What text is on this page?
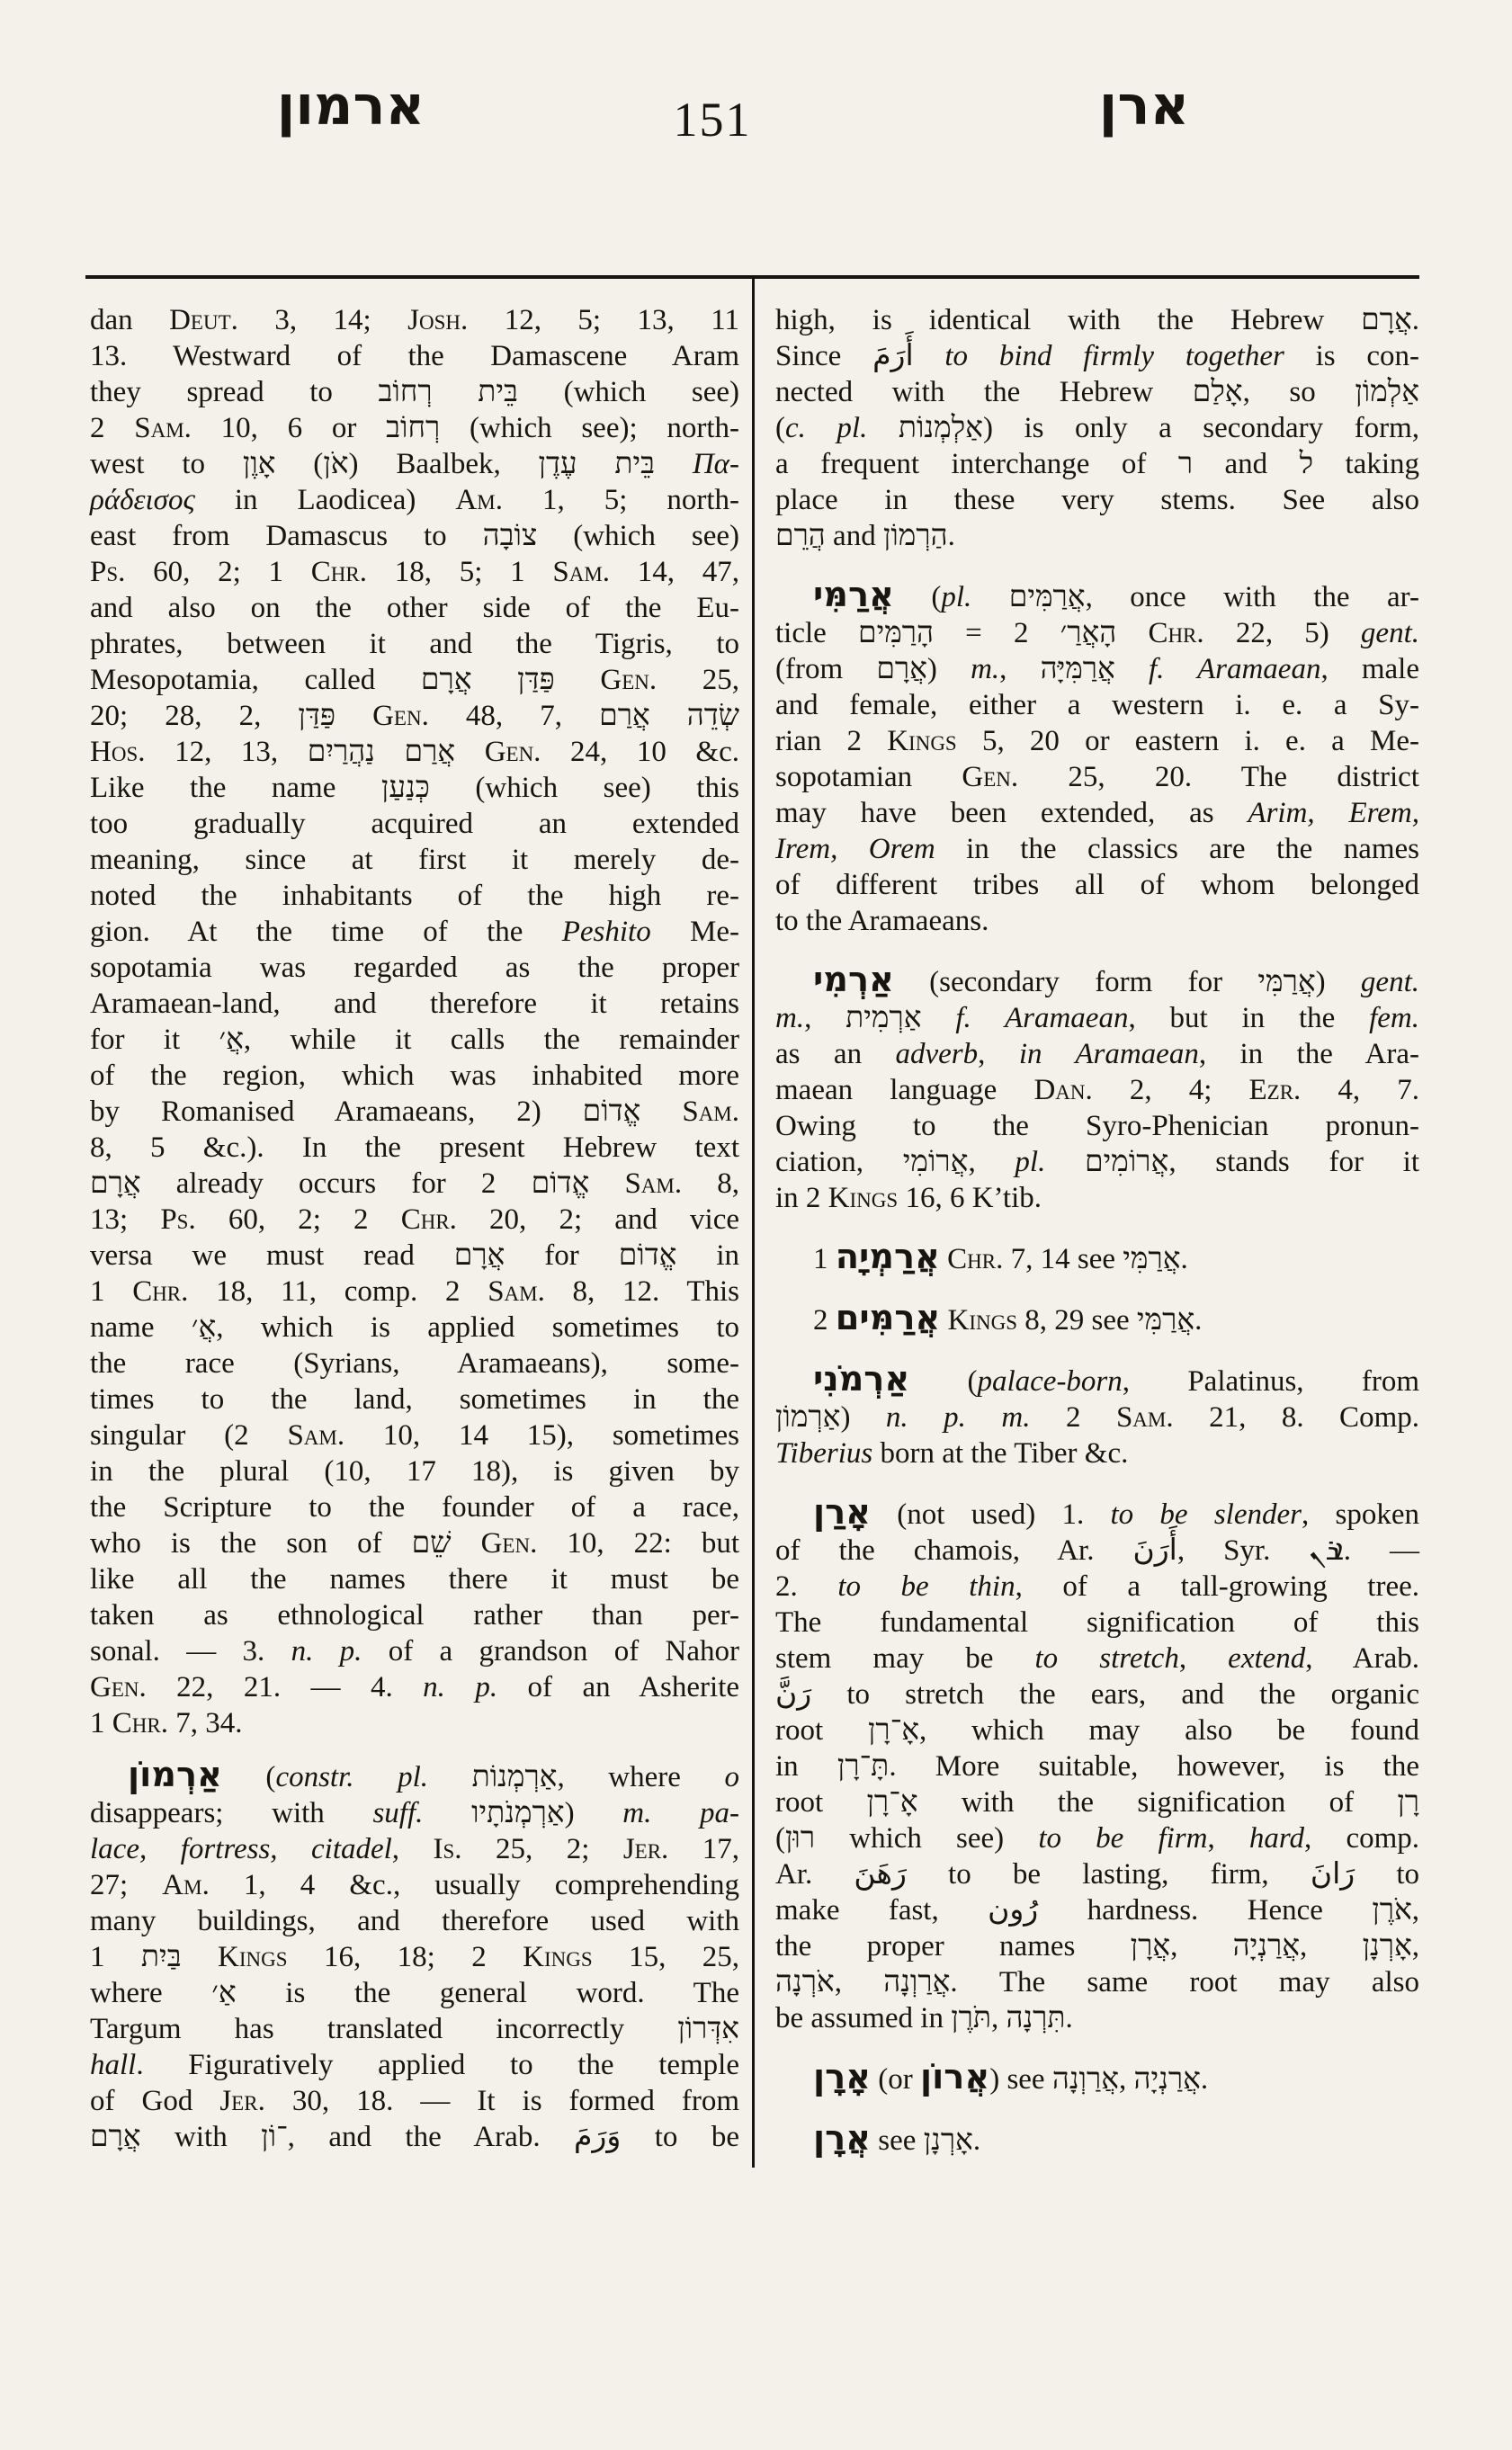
ארמון	151	ארן
dan Deut. 3, 14; Josh. 12, 5; 13, 11
13. Westward of the Damascene Aram
they spread to בֵּית רְחוֹב (which see)
2 Sam. 10, 6 or רְחוֹב (which see); north-
west to אָוֶן ‎(אֹן) Baalbek, בֵּית עֶדֶן Πα-
ράδεισος in Laodicea) Am. 1, 5; north-
east from Damascus to צוֹבָה (which see)
Ps. 60, 2; 1 Chr. 18, 5; 1 Sam. 14, 47,
and also on the other side of the Eu-
phrates, between it and the Tigris, to
Mesopotamia, called פַּדַּן אֲרָם Gen. 25,
20; 28, 2, פַּדַּן Gen. 48, 7, שְׂדֵה אֲרַם
Hos. 12, 13, אֲרַם נַהֲרַיִם Gen. 24, 10 &c.
Like the name כְּנַעַן (which see) this
too gradually acquired an extended
meaning, since at first it merely de-
noted the inhabitants of the high re-
gion. At the time of the Peshito Me-
sopotamia was regarded as the proper
Aramaean-land, and therefore it retains
for it אֲ׳, while it calls the remainder
of the region, which was inhabited more
by Romanised Aramaeans, אֱדוֹם (2 Sam.
8, 5 &c.). In the present Hebrew text
אֲרָם already occurs for אֱדוֹם 2 Sam. 8,
13; Ps. 60, 2; 2 Chr. 20, 2; and vice
versa we must read אֲרָם for אֱדוֹם in
1 Chr. 18, 11, comp. 2 Sam. 8, 12. This
name אֲ׳, which is applied sometimes to
the race (Syrians, Aramaeans), some-
times to the land, sometimes in the
singular (2 Sam. 10, 14 15), sometimes
in the plural (10, 17 18), is given by
the Scripture to the founder of a race,
who is the son of שֵׁם Gen. 10, 22: but
like all the names there it must be
taken as ethnological rather than per-
sonal. — 3. n. p. of a grandson of Nahor
Gen. 22, 21. — 4. n. p. of an Asherite
1 Chr. 7, 34.
אַרְמוֹן (constr. pl. אַרְמְנוֹת, where o
disappears; with suff. אַרְמְנֹתָיו) m. pa-
lace, fortress, citadel, Is. 25, 2; Jer. 17,
27; Am. 1, 4 &c., usually comprehending
many buildings, and therefore used with
בַּיִת 1 Kings 16, 18; 2 Kings 15, 25,
where אַ׳ is the general word. The
Targum has translated incorrectly אִדְּרוֹן
hall. Figuratively applied to the temple
of God Jer. 30, 18. — It is formed from
אֲרָם with ־וֹן, and the Arab. وَرَمَ to be
high, is identical with the Hebrew אֲרָם.
Since أَرَمَ to bind firmly together is con-
nected with the Hebrew אָלַם, so אַלְמוֹן
(c. pl. אַלְמְנוֹת) is only a secondary form,
a frequent interchange of ר and ל taking
place in these very stems. See also
הֲרֵם and הַרְמוֹן.
אֲרַמִּי (pl. אֲרַמִּים, once with the ar-
ticle הָרַמִּים ‎= ‎הָאֲרַ׳ 2 Chr. 22, 5) gent.
(from אֲרָם) m., אֲרַמִּיָּה f. Aramaean, male
and female, either a western i. e. a Sy-
rian 2 Kings 5, 20 or eastern i. e. a Me-
sopotamian Gen. 25, 20. The district
may have been extended, as Arim, Erem,
Irem, Orem in the classics are the names
of different tribes all of whom belonged
to the Aramaeans.
אַרְמִי (secondary form for אֲרַמִּי) gent.
m., אַרְמִית f. Aramaean, but in the fem.
as an adverb, in Aramaean, in the Ara-
maean language Dan. 2, 4; Ezr. 4, 7.
Owing to the Syro-Phenician pronun-
ciation, אֲרוֹמִי, pl. אֲרוֹמִים, stands for it
in 2 Kings 16, 6 K’tib.
אֲרַמְיָה 1 Chr. 7, 14 see אֲרַמִּי.
אֲרַמִּים 2 Kings 8, 29 see אֲרַמִּי.
אַרְמֹנִי (palace-born, Palatinus, from
אַרְמוֹן) n. p. m. 2 Sam. 21, 8. Comp.
Tiberius born at the Tiber &c.
אָרַן (not used) 1. to be slender, spoken
of the chamois, Ar. أَرَنَ, Syr. ܐܪܢ. —
2. to be thin, of a tall-growing tree.
The fundamental signification of this
stem may be to stretch, extend, Arab.
رَنَّ to stretch the ears, and the organic
root אָ־רָן, which may also be found
in תָּ־רָן. More suitable, however, is the
root אָ־רָן with the signification of רָן
(רוּן which see) to be firm, hard, comp.
Ar. رَهَنَ to be lasting, firm, رَانَ to
make fast, رُون hardness. Hence אֹרֶן,
the proper names אֲרָן, ‎אֲרַנְיָה, ‎אָרְנָן,
אֹרְנָה, ‎אֲרַוְנָה. The same root may also
be assumed in תֹּרֶן, ‎תִּרְנָה.
אָרָן (or אֲרוֹן) see אֲרַוְנָה, ‎אֲרַנְיָה.
אֲרָן see אָרְנָן.
